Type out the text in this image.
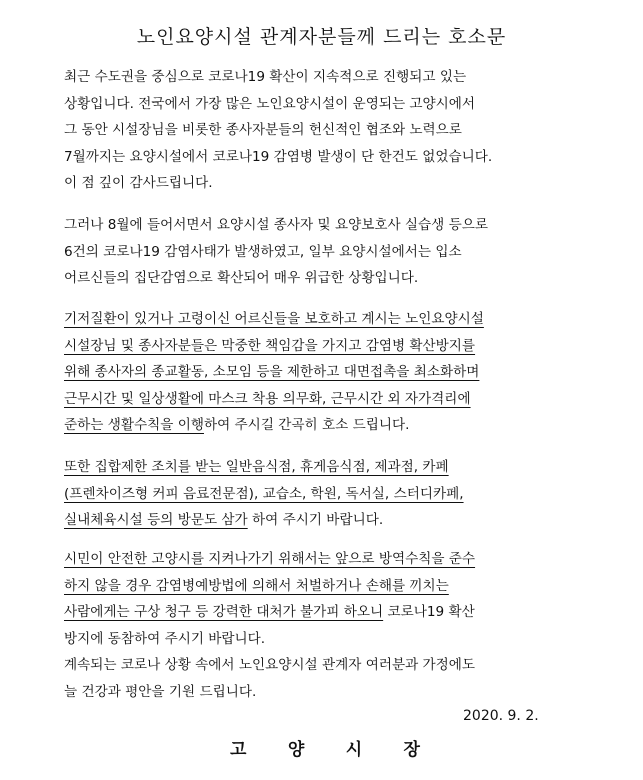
노인요양시설 관계자분들께 드리는 호소문
최근 수도권을 중심으로 코로나19 확산이 지속적으로 진행되고 있는
상황입니다. 전국에서 가장 많은 노인요양시설이 운영되는 고양시에서
그 동안 시설장님을 비롯한 종사자분들의 헌신적인 협조와 노력으로
7월까지는 요양시설에서 코로나19 감염병 발생이 단 한건도 없었습니다.
이 점 깊이 감사드립니다.
그러나 8월에 들어서면서 요양시설 종사자 및 요양보호사 실습생 등으로
6건의 코로나19 감염사태가 발생하였고, 일부 요양시설에서는 입소
어르신들의 집단감염으로 확산되어 매우 위급한 상황입니다.
기저질환이 있거나 고령이신 어르신들을 보호하고 계시는 노인요양시설
시설장님 및 종사자분들은 막중한 책임감을 가지고 감염병 확산방지를
위해 종사자의 종교활동, 소모임 등을 제한하고 대면접촉을 최소화하며
근무시간 및 일상생활에 마스크 착용 의무화, 근무시간 외 자가격리에
준하는 생활수칙을 이행하여 주시길 간곡히 호소 드립니다.
또한 집합제한 조치를 받는 일반음식점, 휴게음식점, 제과점, 카페
(프렌차이즈형 커피 음료전문점), 교습소, 학원, 독서실, 스터디카페,
실내체육시설 등의 방문도 삼가 하여 주시기 바랍니다.
시민이 안전한 고양시를 지켜나가기 위해서는 앞으로 방역수칙을 준수
하지 않을 경우 감염병예방법에 의해서 처벌하거나 손해를 끼치는
사람에게는 구상 청구 등 강력한 대처가 불가피 하오니 코로나19 확산
방지에 동참하여 주시기 바랍니다.
계속되는 코로나 상황 속에서 노인요양시설 관계자 여러분과 가정에도
늘 건강과 평안을 기원 드립니다.
2020. 9. 2.
고 양 시 장
